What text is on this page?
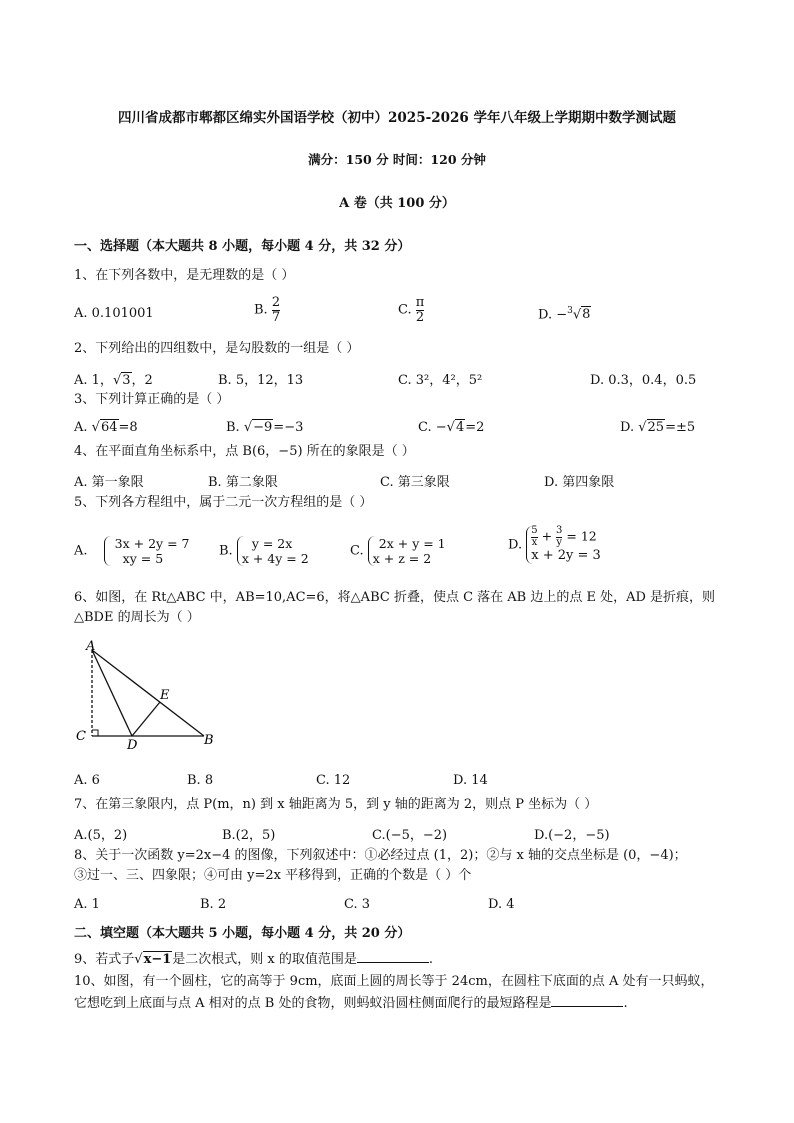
四川省成都市郫都区绵实外国语学校（初中）2025-2026 学年八年级上学期期中数学测试题
满分：150 分 时间：120 分钟
A 卷（共 100 分）
一、选择题（本大题共 8 小题，每小题 4 分，共 32 分）
1、在下列各数中，是无理数的是（ ）
A. 0.101001	B. $\frac{2}{7}$	C. $\frac{\pi}{2}$	D. −$^3$√8
2、下列给出的四组数中，是勾股数的一组是（ ）
A. 1，√3，2	B. 5，12，13	C. 3²，4²，5²	D. 0.3，0.4，0.5
3、下列计算正确的是（ ）
A. √64=8	B. √−9=−3	C. −√4=2	D. √25=±5
4、在平面直角坐标系中，点 B(6，−5) 所在的象限是（ ）
A. 第一象限	B. 第二象限	C. 第三象限	D. 第四象限
5、下列各方程组中，属于二元一次方程组的是（ ）
A.	3x + 2y = 7
xy = 5	B.	y = 2x
x + 4y = 2	C.	2x + y = 1
x + z = 2
D. $\frac{5}{x} + \frac{3}{y} = 12$
x + 2y = 3
6、如图，在 Rt△ABC 中，AB=10,AC=6，将△ABC 折叠，使点 C 落在 AB 边上的点 E 处，AD 是折痕，则
△BDE 的周长为（ ）
A
C
D
E
B
A. 6	B. 8	C. 12	D. 14
7、在第三象限内，点 P(m，n) 到 x 轴距离为 5，到 y 轴的距离为 2，则点 P 坐标为（ ）
A.(5，2)	B.(2，5)	C.(−5，−2)	D.(−2，−5)
8、关于一次函数 y=2x−4 的图像，下列叙述中：①必经过点 (1，2)；②与 x 轴的交点坐标是 (0，−4)；
③过一、三、四象限；④可由 y=2x 平移得到，正确的个数是（ ）个
A. 1	B. 2	C. 3	D. 4
二、填空题（本大题共 5 小题，每小题 4 分，共 20 分）
9、若式子√x−1是二次根式，则 x 的取值范围是	.
10、如图，有一个圆柱，它的高等于 9cm，底面上圆的周长等于 24cm，在圆柱下底面的点 A 处有一只蚂蚁，
它想吃到上底面与点 A 相对的点 B 处的食物，则蚂蚁沿圆柱侧面爬行的最短路程是	.
